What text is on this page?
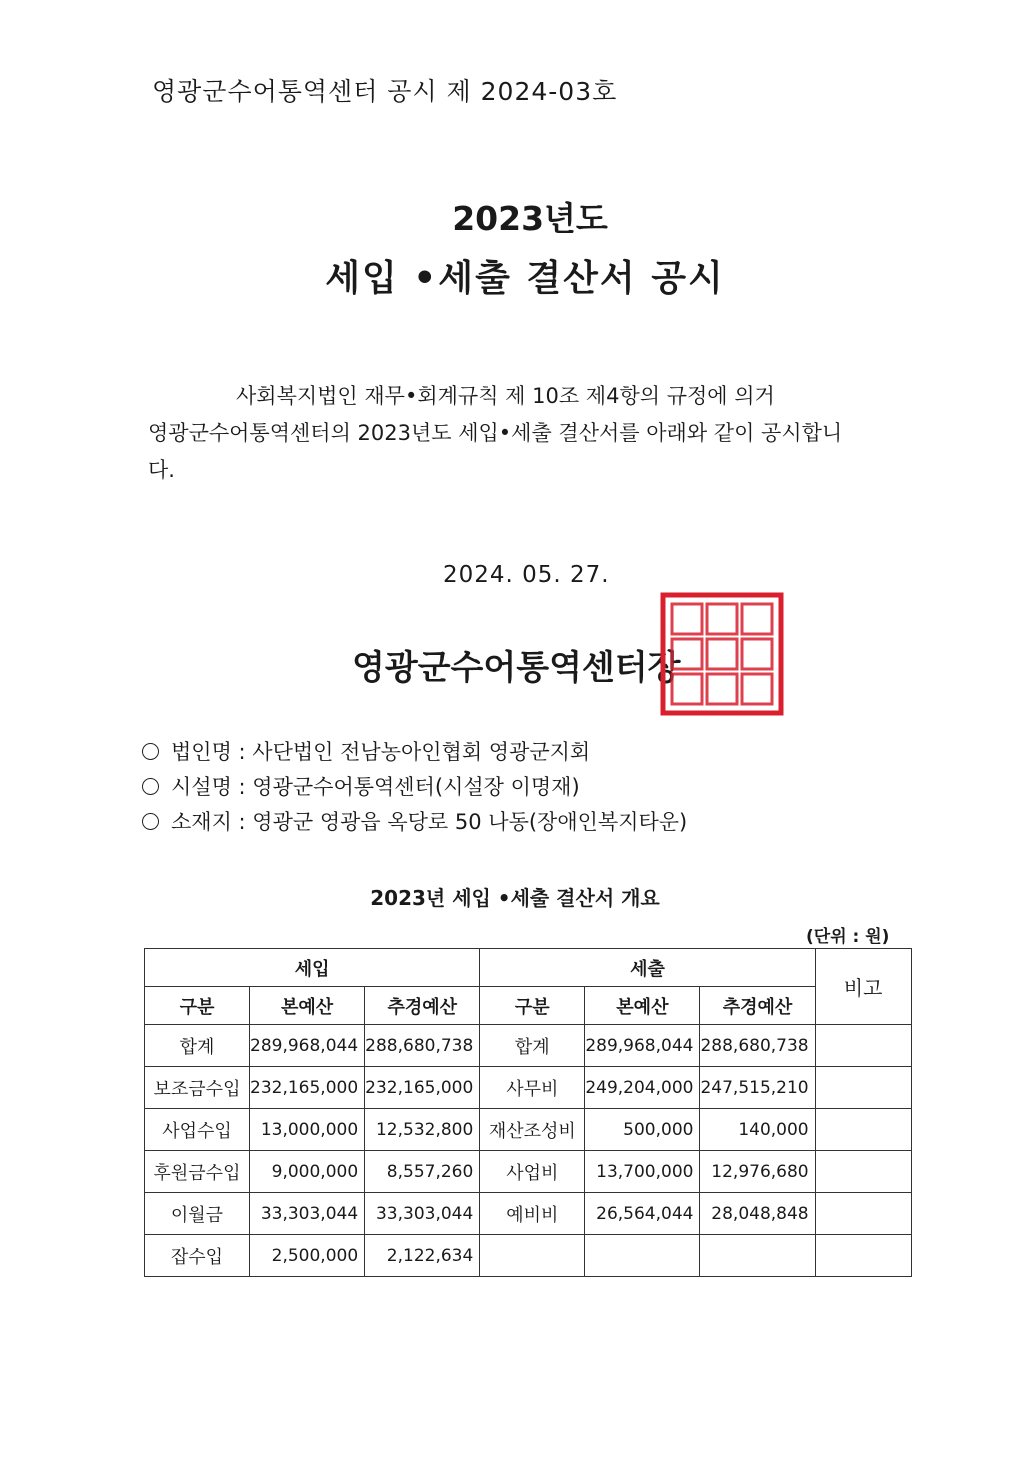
영광군수어통역센터 공시 제 2024-03호
2023년도
세입 •세출 결산서 공시
사회복지법인 재무•회계규칙 제 10조 제4항의 규정에 의거
영광군수어통역센터의 2023년도 세입•세출 결산서를 아래와 같이 공시합니
다.
2024. 05. 27.
영광군수어통역센터장
법인명 : 사단법인 전남농아인협회 영광군지회
시설명 : 영광군수어통역센터(시설장 이명재)
소재지 : 영광군 영광읍 옥당로 50 나동(장애인복지타운)
2023년 세입 •세출 결산서 개요
(단위 : 원)
세입			세출			비고
구분	본예산	추경예산	구분	본예산	추경예산	
합계	289,968,044	288,680,738	합계	289,968,044	288,680,738	
보조금수입	232,165,000	232,165,000	사무비	249,204,000	247,515,210	
사업수입	13,000,000	12,532,800	재산조성비	500,000	140,000	
후원금수입	9,000,000	8,557,260	사업비	13,700,000	12,976,680	
이월금	33,303,044	33,303,044	예비비	26,564,044	28,048,848	
잡수입	2,500,000	2,122,634				
